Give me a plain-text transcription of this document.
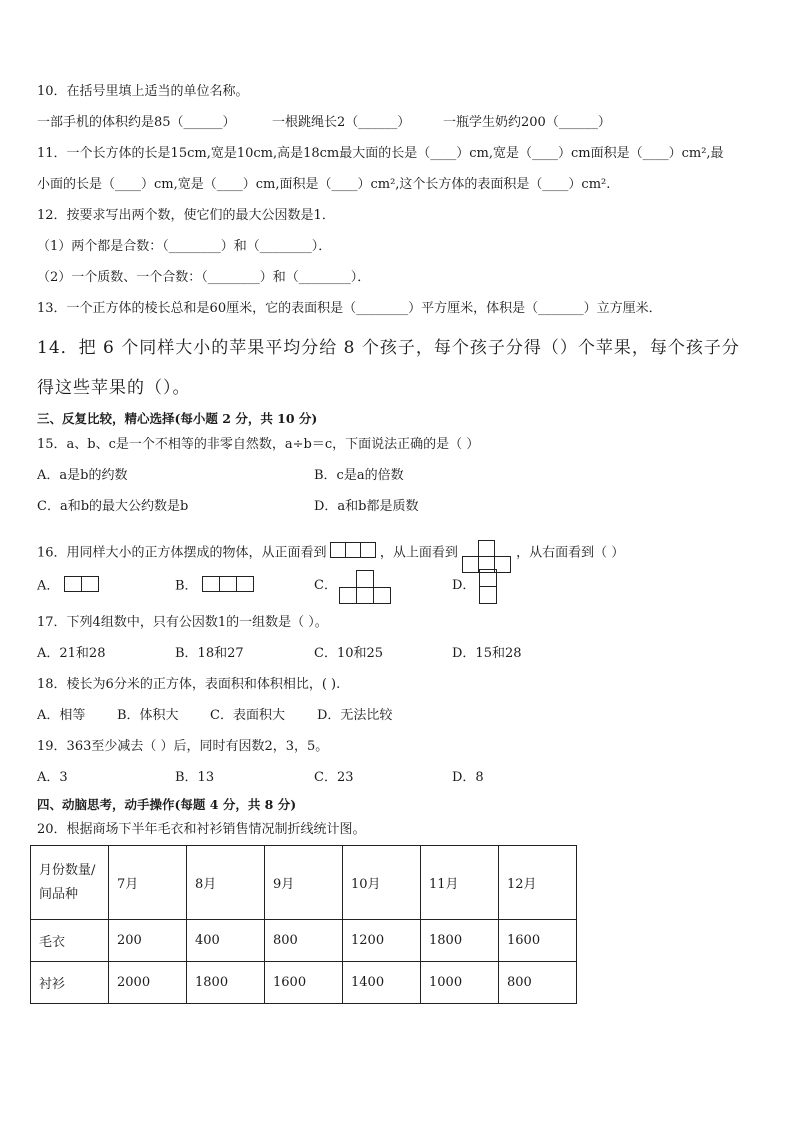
10．在括号里填上适当的单位名称。
一部手机的体积约是85（______）	一根跳绳长2（______）	一瓶学生奶约200（______）
11．一个长方体的长是15cm,宽是10cm,高是18cm最大面的长是（____）cm,宽是（____）cm面积是（____）cm²,最
小面的长是（____）cm,宽是（____）cm,面积是（____）cm²,这个长方体的表面积是（____）cm².
12．按要求写出两个数，使它们的最大公因数是1．
（1）两个都是合数：（________）和（________）．
（2）一个质数、一个合数：（________）和（________）．
13．一个正方体的棱长总和是60厘米，它的表面积是（________）平方厘米，体积是（_______）立方厘米．
14．把 6 个同样大小的苹果平均分给 8 个孩子，每个孩子分得（）个苹果，每个孩子分
得这些苹果的（）。
三、反复比较，精心选择(每小题 2 分，共 10 分)
15．a、b、c是一个不相等的非零自然数，a÷b＝c，下面说法正确的是（ ）
A．a是b的约数	B．c是a的倍数
C．a和b的最大公约数是b	D．a和b都是质数
16．用同样大小的正方体摆成的物体，从正面看到	，从上面看到	，从右面看到（ ）
A．	B．	C．	D．
17．下列4组数中，只有公因数1的一组数是（ ）。
A．21和28	B．18和27	C．10和25	D．15和28
18．棱长为6分米的正方体，表面积和体积相比，( ).
A．相等 B．体积大 C．表面积大 D．无法比较
19．363至少减去（ ）后，同时有因数2，3，5。
A．3	B．13	C．23	D．8
四、动脑思考，动手操作(每题 4 分，共 8 分)
20．根据商场下半年毛衣和衬衫销售情况制折线统计图。
月份数量/
间品种	7月	8月	9月	10月	11月	12月
毛衣	200	400	800	1200	1800	1600
衬衫	2000	1800	1600	1400	1000	800
